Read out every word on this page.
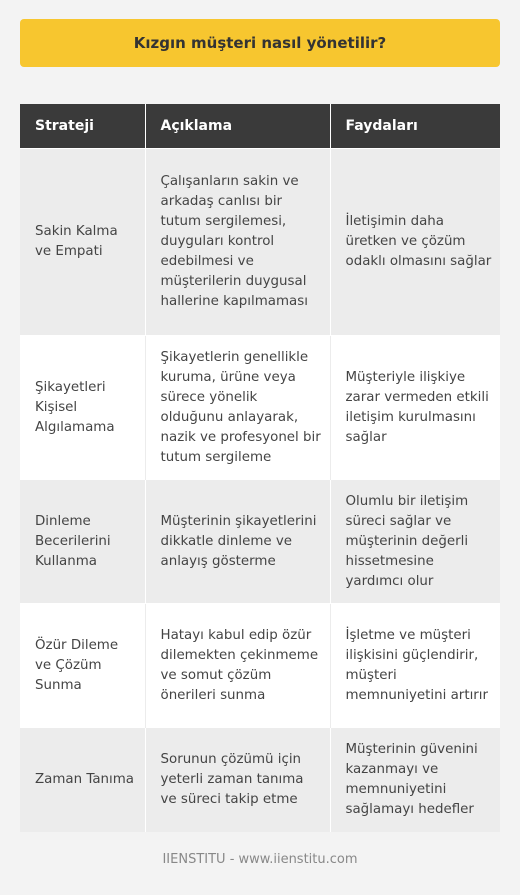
Kızgın müşteri nasıl yönetilir?
Strateji	Açıklama	Faydaları
Sakin Kalma ve Empati	Çalışanların sakin ve arkadaş canlısı bir tutum sergilemesi, duyguları kontrol edebilmesi ve müşterilerin duygusal hallerine kapılmaması	İletişimin daha üretken ve çözüm odaklı olmasını sağlar
Şikayetleri Kişisel Algılamama	Şikayetlerin genellikle kuruma, ürüne veya sürece yönelik olduğunu anlayarak, nazik ve profesyonel bir tutum sergileme	Müşteriyle ilişkiye zarar vermeden etkili iletişim kurulmasını sağlar
Dinleme Becerilerini Kullanma	Müşterinin şikayetlerini dikkatle dinleme ve anlayış gösterme	Olumlu bir iletişim süreci sağlar ve müşterinin değerli hissetmesine yardımcı olur
Özür Dileme ve Çözüm Sunma	Hatayı kabul edip özür dilemekten çekinmeme ve somut çözüm önerileri sunma	İşletme ve müşteri ilişkisini güçlendirir, müşteri memnuniyetini artırır
Zaman Tanıma	Sorunun çözümü için yeterli zaman tanıma ve süreci takip etme	Müşterinin güvenini kazanmayı ve memnuniyetini sağlamayı hedefler
IIENSTITU - www.iienstitu.com
